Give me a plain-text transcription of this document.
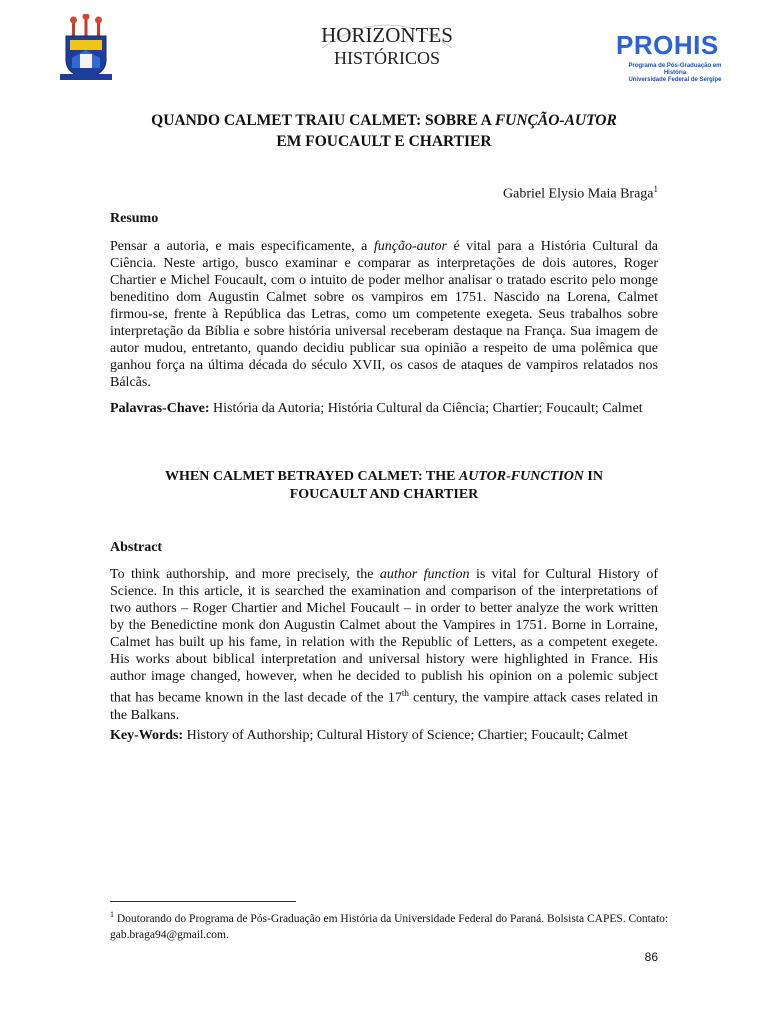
HORIZONTES
HISTÓRICOS	PROHIS
Programa de Pós-Graduação em História
Universidade Federal de Sergipe
QUANDO CALMET TRAIU CALMET: SOBRE A FUNÇÃO-AUTOR
EM FOUCAULT E CHARTIER
Gabriel Elysio Maia Braga$^1$
Resumo
Pensar a autoria, e mais especificamente, a função-autor é vital para a História Cultural da Ciência. Neste artigo, busco examinar e comparar as interpretações de dois autores, Roger Chartier e Michel Foucault, com o intuito de poder melhor analisar o tratado escrito pelo monge beneditino dom Augustin Calmet sobre os vampiros em 1751. Nascido na Lorena, Calmet firmou-se, frente à República das Letras, como um competente exegeta. Seus trabalhos sobre interpretação da Bíblia e sobre história universal receberam destaque na França. Sua imagem de autor mudou, entretanto, quando decidiu publicar sua opinião a respeito de uma polêmica que ganhou força na última década do século XVII, os casos de ataques de vampiros relatados nos Bálcãs.
Palavras-Chave: História da Autoria; História Cultural da Ciência; Chartier; Foucault; Calmet
WHEN CALMET BETRAYED CALMET: THE AUTOR-FUNCTION IN
FOUCAULT AND CHARTIER
Abstract
To think authorship, and more precisely, the author function is vital for Cultural History of Science. In this article, it is searched the examination and comparison of the interpretations of two authors – Roger Chartier and Michel Foucault – in order to better analyze the work written by the Benedictine monk don Augustin Calmet about the Vampires in 1751. Borne in Lorraine, Calmet has built up his fame, in relation with the Republic of Letters, as a competent exegete. His works about biblical interpretation and universal history were highlighted in France. His author image changed, however, when he decided to publish his opinion on a polemic subject that has became known in the last decade of the 17th century, the vampire attack cases related in the Balkans.
Key-Words: History of Authorship; Cultural History of Science; Chartier; Foucault; Calmet
$^1$ Doutorando do Programa de Pós-Graduação em História da Universidade Federal do Paraná. Bolsista CAPES. Contato: gab.braga94@gmail.com.
86
